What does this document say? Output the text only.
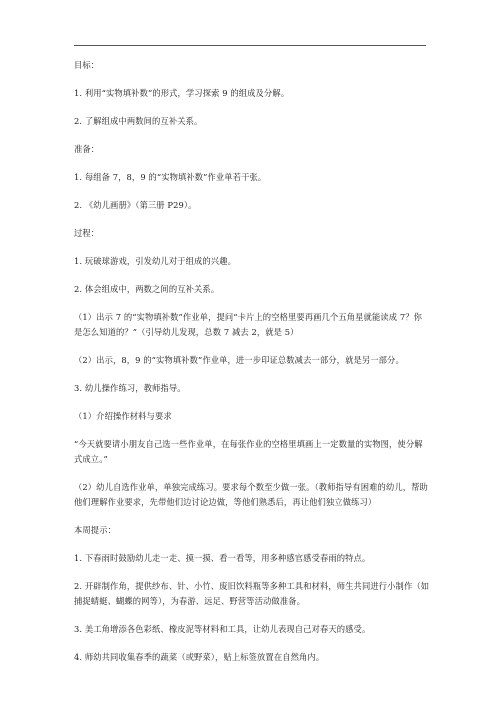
目标：

1. 利用“实物填补数”的形式，学习探索 9 的组成及分解。

2. 了解组成中两数间的互补关系。

准备：

1. 每组备 7，8，9 的“实物填补数”作业单若干张。

2. 《幼儿画册》（第三册 P29）。

过程：

1. 玩破球游戏，引发幼儿对于组成的兴趣。

2. 体会组成中，两数之间的互补关系。

（1）出示 7 的“实物填补数”作业单，提问“卡片上的空格里要再画几个五角星就能读成 7？你是怎么知道的？”（引导幼儿发现，总数 7 减去 2，就是 5）

（2）出示，8，9 的“实物填补数”作业单，进一步印证总数减去一部分，就是另一部分。

3. 幼儿操作练习，教师指导。

（1）介绍操作材料与要求

“今天就要请小朋友自己选一些作业单，在每张作业的空格里填画上一定数量的实物图，使分解式成立。”

（2）幼儿自选作业单，单独完成练习。要求每个数至少做一张。（教师指导有困难的幼儿，帮助他们理解作业要求，先带他们边讨论边做，等他们熟悉后，再让他们独立做练习）

本周提示：

1. 下春雨时鼓励幼儿走一走、摸一摸、看一看等，用多种感官感受春雨的特点。

2. 开辟制作角，提供纱布、针、小竹、废旧饮料瓶等多种工具和材料，师生共同进行小制作（如捕捉蜻蜓、蝴蝶的网等），为春游、远足、野营等活动做准备。

3. 美工角增添各色彩纸、橡皮泥等材料和工具，让幼儿表现自己对春天的感受。

4. 师幼共同收集春季的蔬菜（或野菜），贴上标签放置在自然角内。
